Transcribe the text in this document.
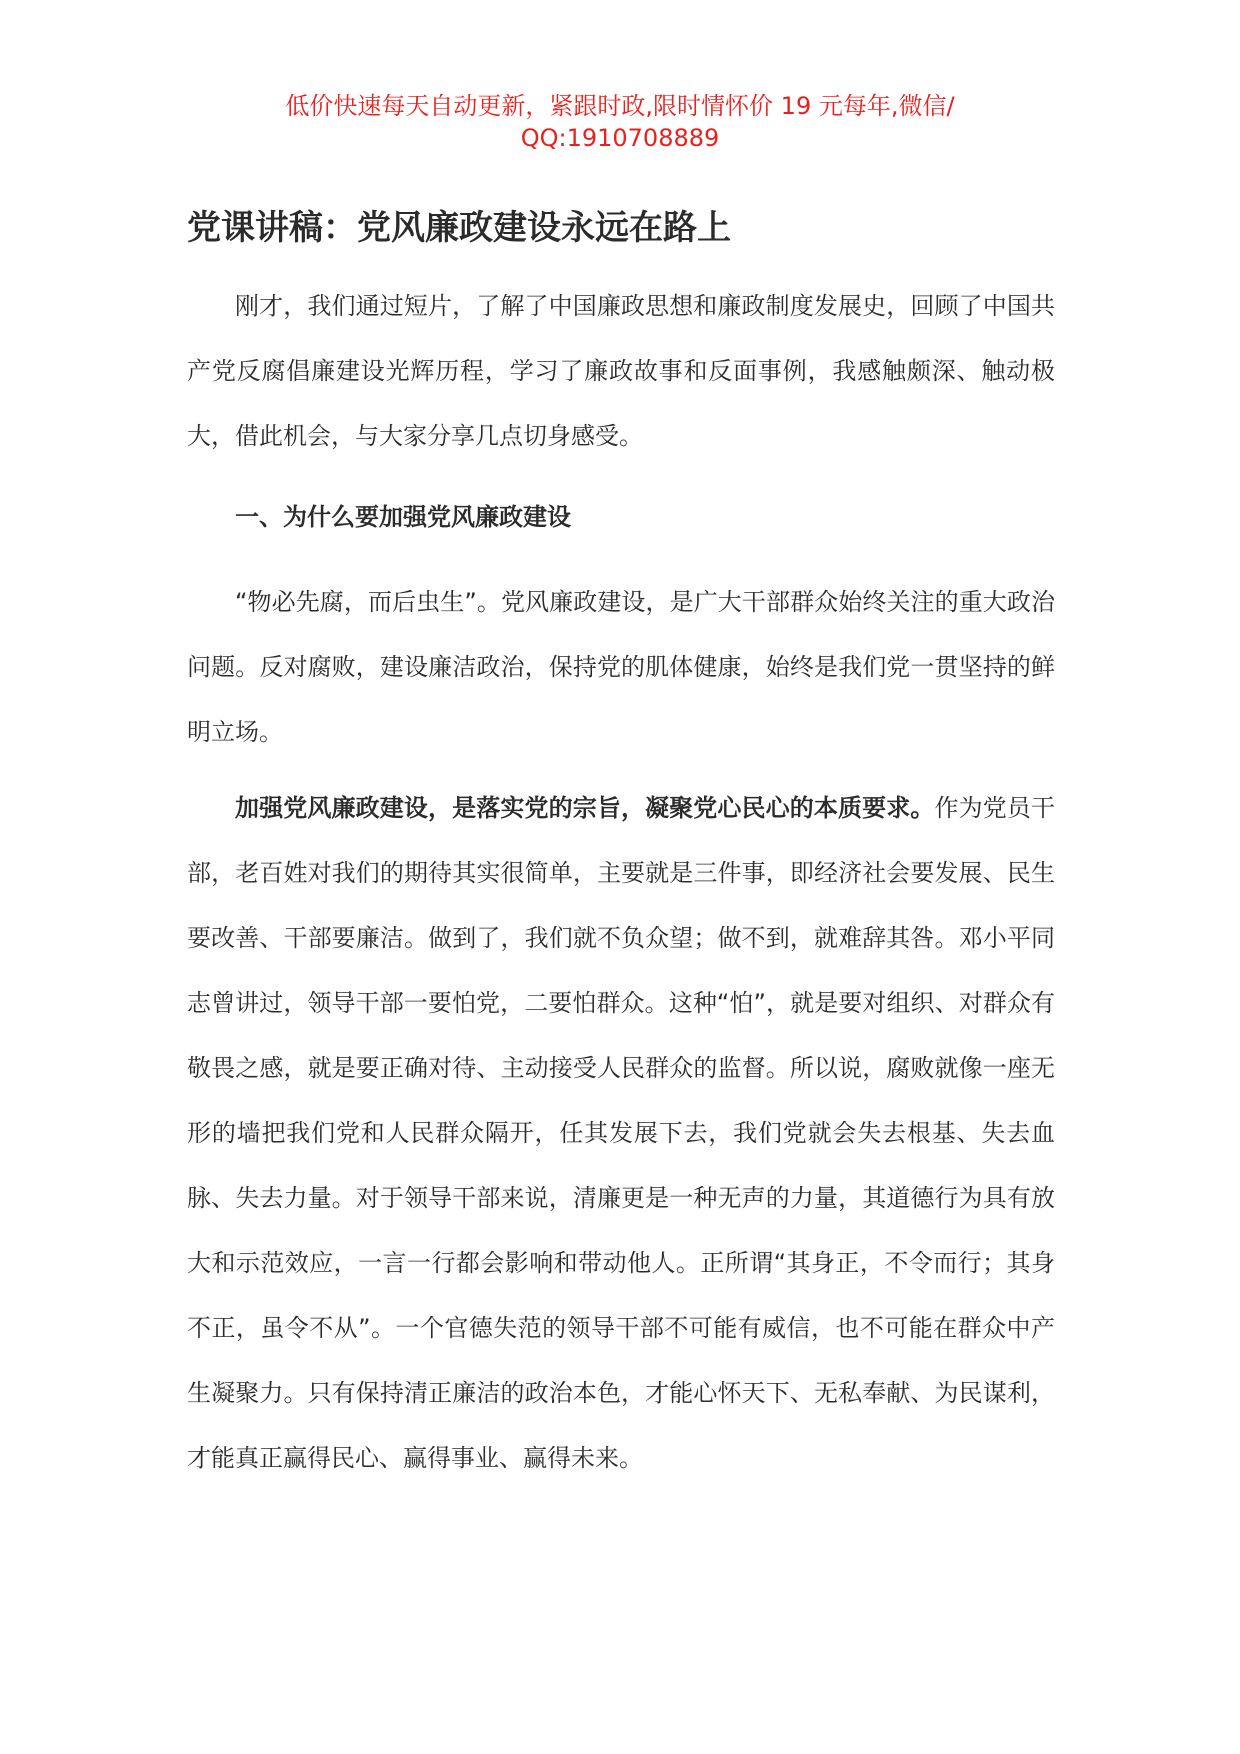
低价快速每天自动更新，紧跟时政,限时情怀价 19 元每年,微信/
QQ:1910708889
党课讲稿：党风廉政建设永远在路上

刚才，我们通过短片，了解了中国廉政思想和廉政制度发展史，回顾了中国共产党反腐倡廉建设光辉历程，学习了廉政故事和反面事例，我感触颇深、触动极大，借此机会，与大家分享几点切身感受。

一、为什么要加强党风廉政建设

“物必先腐，而后虫生”。党风廉政建设，是广大干部群众始终关注的重大政治问题。反对腐败，建设廉洁政治，保持党的肌体健康，始终是我们党一贯坚持的鲜明立场。

加强党风廉政建设，是落实党的宗旨，凝聚党心民心的本质要求。作为党员干部，老百姓对我们的期待其实很简单，主要就是三件事，即经济社会要发展、民生要改善、干部要廉洁。做到了，我们就不负众望；做不到，就难辞其咎。邓小平同志曾讲过，领导干部一要怕党，二要怕群众。这种“怕”，就是要对组织、对群众有敬畏之感，就是要正确对待、主动接受人民群众的监督。所以说，腐败就像一座无形的墙把我们党和人民群众隔开，任其发展下去，我们党就会失去根基、失去血脉、失去力量。对于领导干部来说，清廉更是一种无声的力量，其道德行为具有放大和示范效应，一言一行都会影响和带动他人。正所谓“其身正，不令而行；其身不正，虽令不从”。一个官德失范的领导干部不可能有威信，也不可能在群众中产生凝聚力。只有保持清正廉洁的政治本色，才能心怀天下、无私奉献、为民谋利，才能真正赢得民心、赢得事业、赢得未来。
